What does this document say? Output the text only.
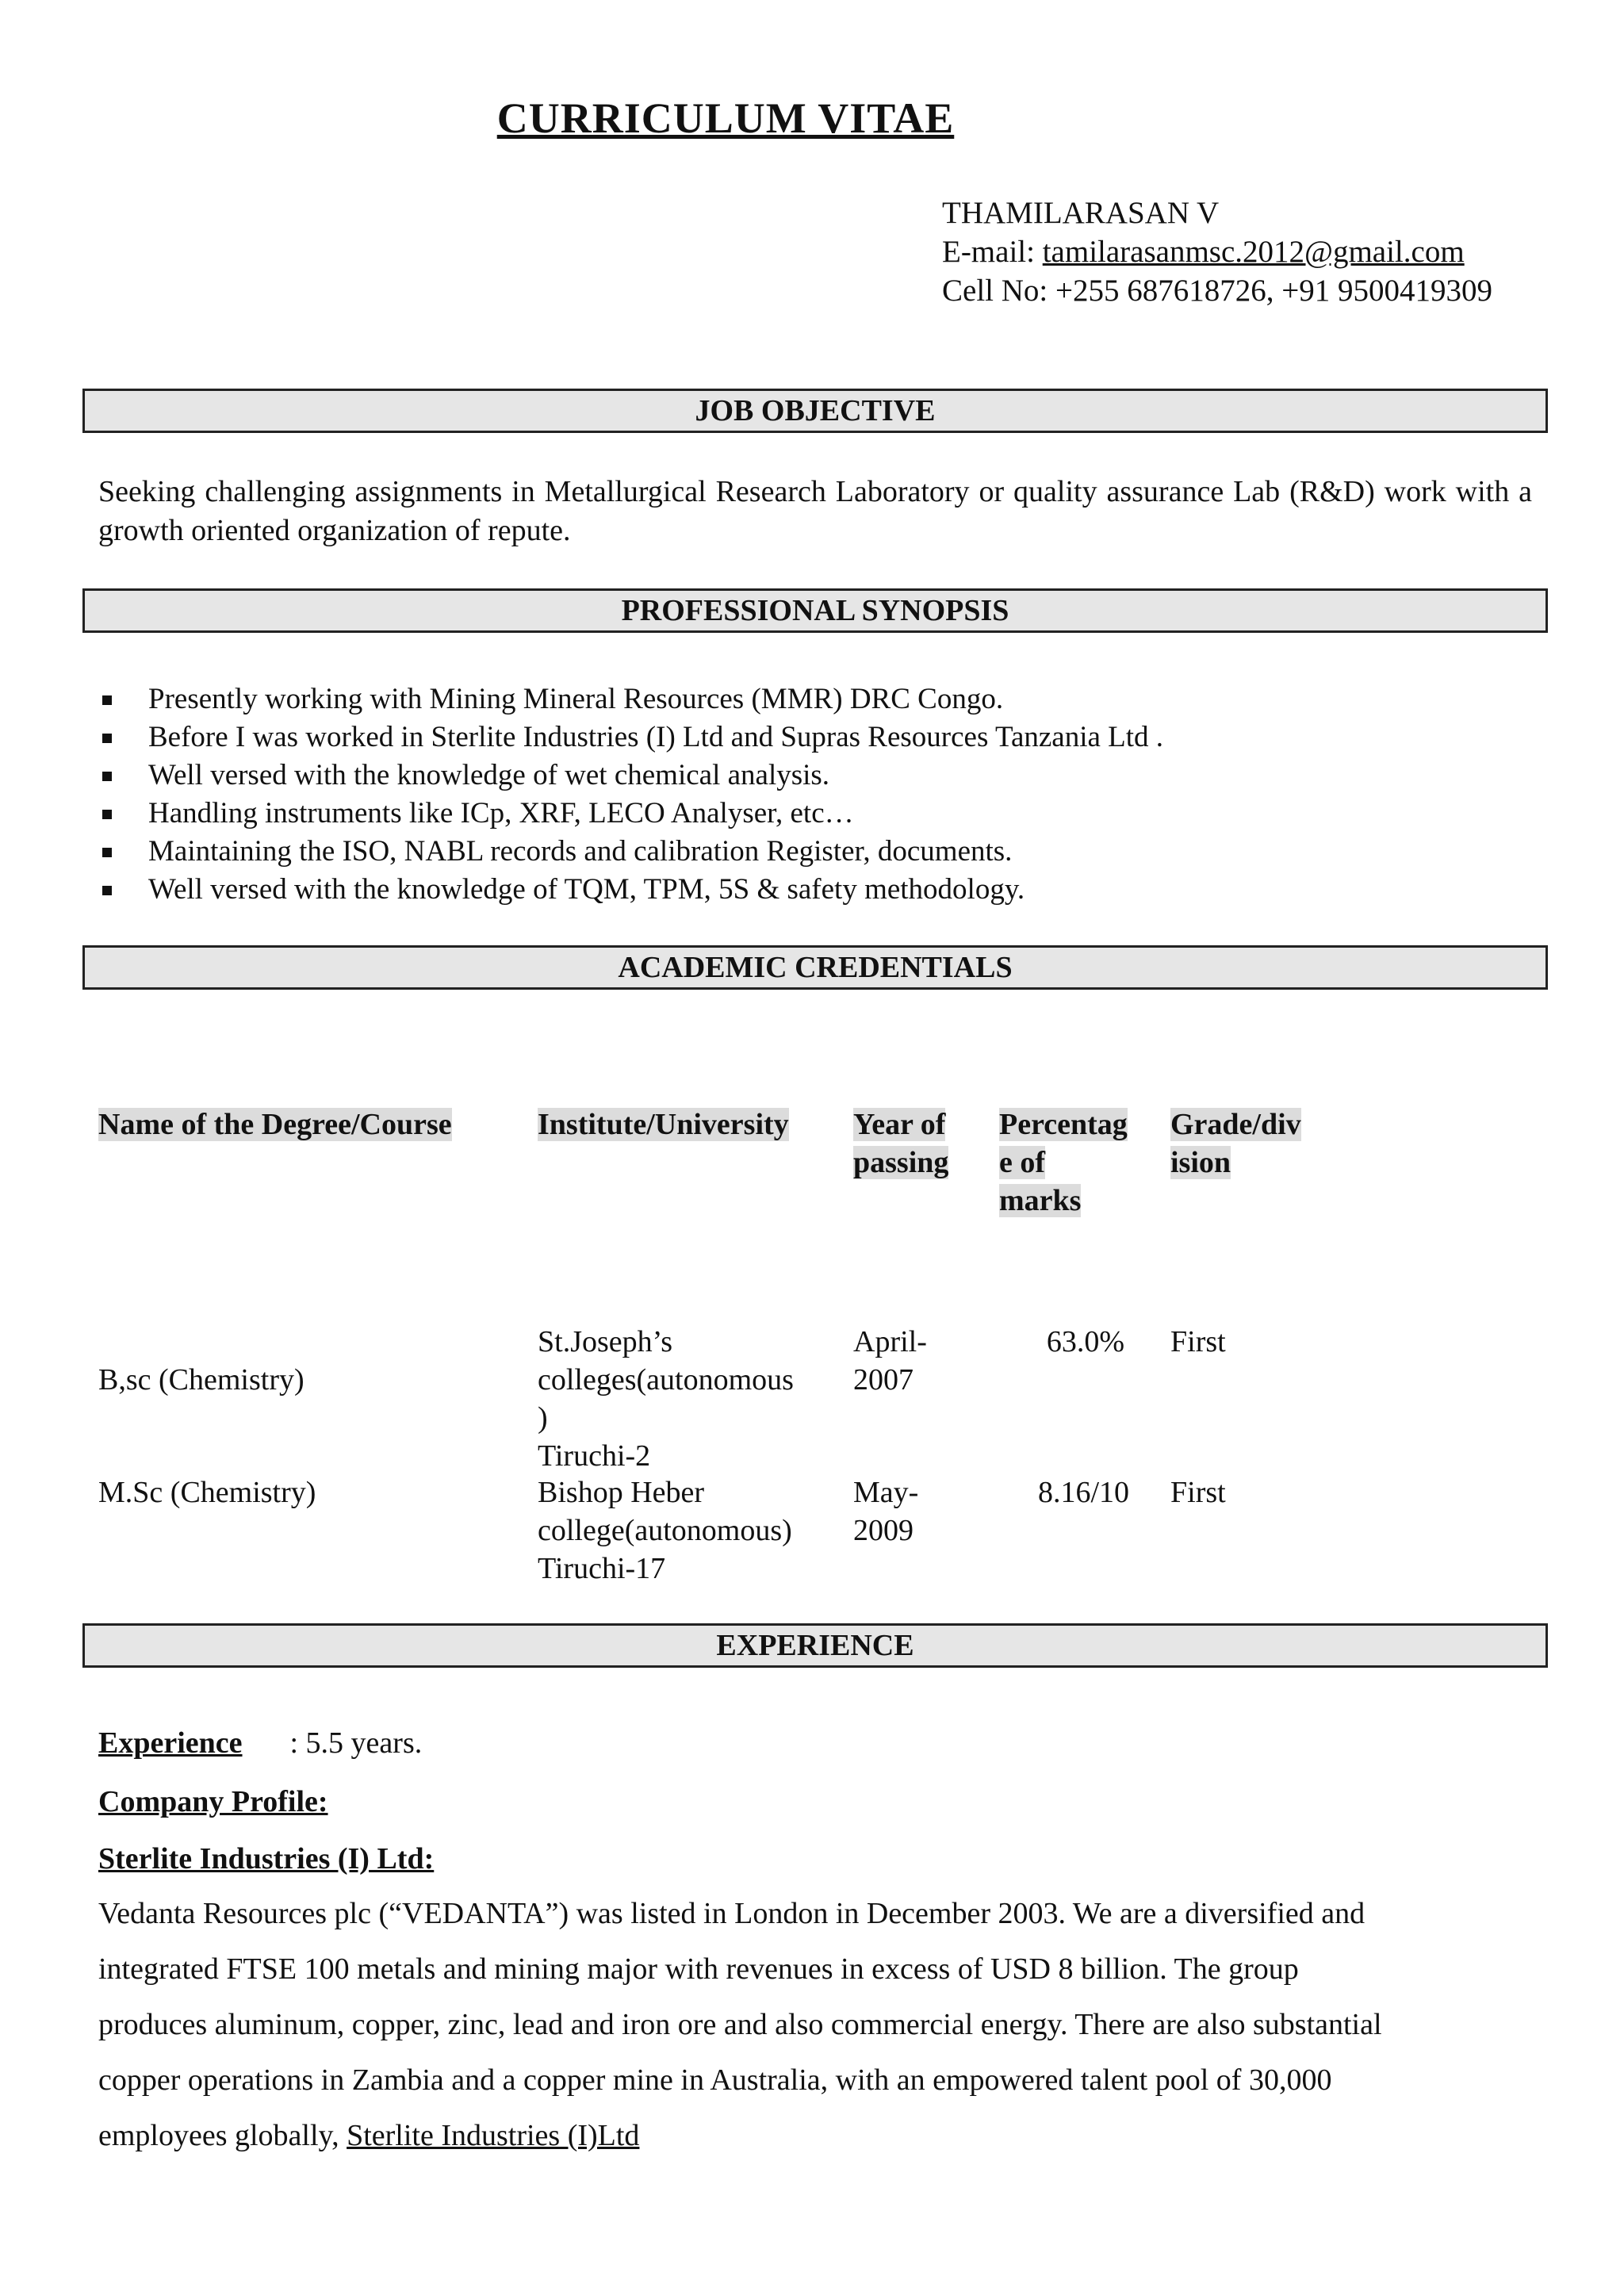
CURRICULUM VITAE
THAMILARASAN V
E-mail: tamilarasanmsc.2012@gmail.com
Cell No: +255 687618726, +91 9500419309
JOB OBJECTIVE
Seeking challenging assignments in Metallurgical Research Laboratory or quality assurance Lab (R&D) work with a growth oriented organization of repute.
PROFESSIONAL SYNOPSIS
Presently working with Mining Mineral Resources (MMR) DRC Congo.
Before I was worked in Sterlite Industries (I) Ltd and Supras Resources Tanzania Ltd .
Well versed with the knowledge of wet chemical analysis.
Handling instruments like ICp, XRF, LECO Analyser, etc…
Maintaining the ISO, NABL records and calibration Register, documents.
Well versed with the knowledge of TQM, TPM, 5S & safety methodology.
ACADEMIC CREDENTIALS
Name of the Degree/Course	Institute/University Year of
passing
Percentag
e of
marks
Grade/div
ision
B,sc (Chemistry)
St.Joseph’s
colleges(autonomous
)
Tiruchi-2
April-
2007
63.0% First
M.Sc (Chemistry)	Bishop Heber
college(autonomous)
Tiruchi-17
May-
2009
8.16/10 First
EXPERIENCE
Experience : 5.5 years.
Company Profile:
Sterlite Industries (I) Ltd:
Vedanta Resources plc (“VEDANTA”) was listed in London in December 2003. We are a diversified and
integrated FTSE 100 metals and mining major with revenues in excess of USD 8 billion. The group
produces aluminum, copper, zinc, lead and iron ore and also commercial energy. There are also substantial
copper operations in Zambia and a copper mine in Australia, with an empowered talent pool of 30,000
employees globally, Sterlite Industries (I)Ltd
